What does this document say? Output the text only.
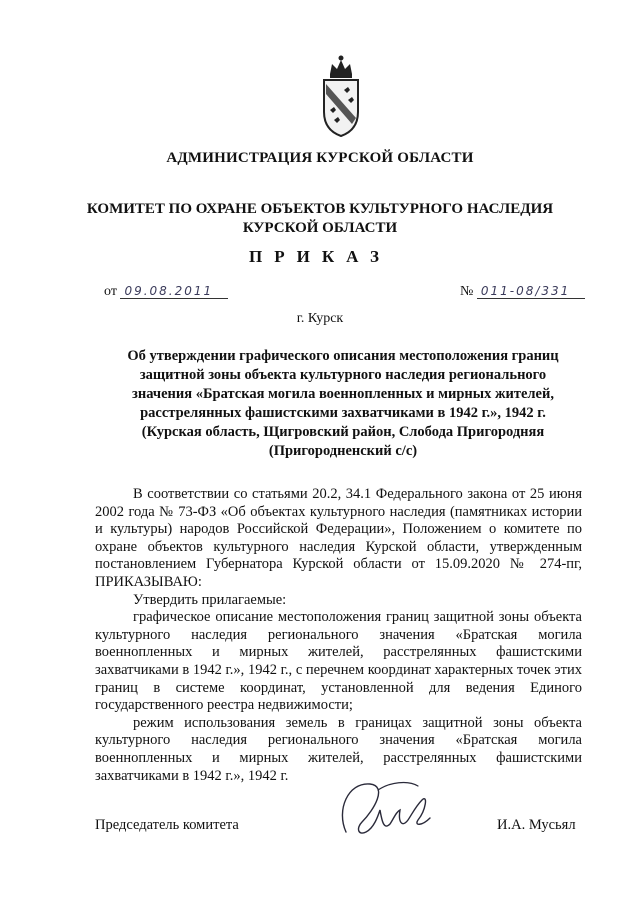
АДМИНИСТРАЦИЯ КУРСКОЙ ОБЛАСТИ
КОМИТЕТ ПО ОХРАНЕ ОБЪЕКТОВ КУЛЬТУРНОГО НАСЛЕДИЯ
КУРСКОЙ ОБЛАСТИ
ПРИКАЗ
от 09.08.2011	№ 011-08/331
г. Курск
Об утверждении графического описания местоположения границ
защитной зоны объекта культурного наследия регионального
значения «Братская могила военнопленных и мирных жителей,
расстрелянных фашистскими захватчиками в 1942 г.», 1942 г.
(Курская область, Щигровский район, Слобода Пригородняя
(Пригородненский с/с)

В соответствии со статьями 20.2, 34.1 Федерального закона от 25 июня 2002 года № 73-ФЗ «Об объектах культурного наследия (памятниках истории и культуры) народов Российской Федерации», Положением о комитете по охране объектов культурного наследия Курской области, утвержденным постановлением Губернатора Курской области от 15.09.2020 № 274-пг, ПРИКАЗЫВАЮ:

Утвердить прилагаемые:

графическое описание местоположения границ защитной зоны объекта культурного наследия регионального значения «Братская могила военнопленных и мирных жителей, расстрелянных фашистскими захватчиками в 1942 г.», 1942 г., с перечнем координат характерных точек этих границ в системе координат, установленной для ведения Единого государственного реестра недвижимости;

режим использования земель в границах защитной зоны объекта культурного наследия регионального значения «Братская могила военнопленных и мирных жителей, расстрелянных фашистскими захватчиками в 1942 г.», 1942 г.

Председатель комитета	И.А. Мусьял
